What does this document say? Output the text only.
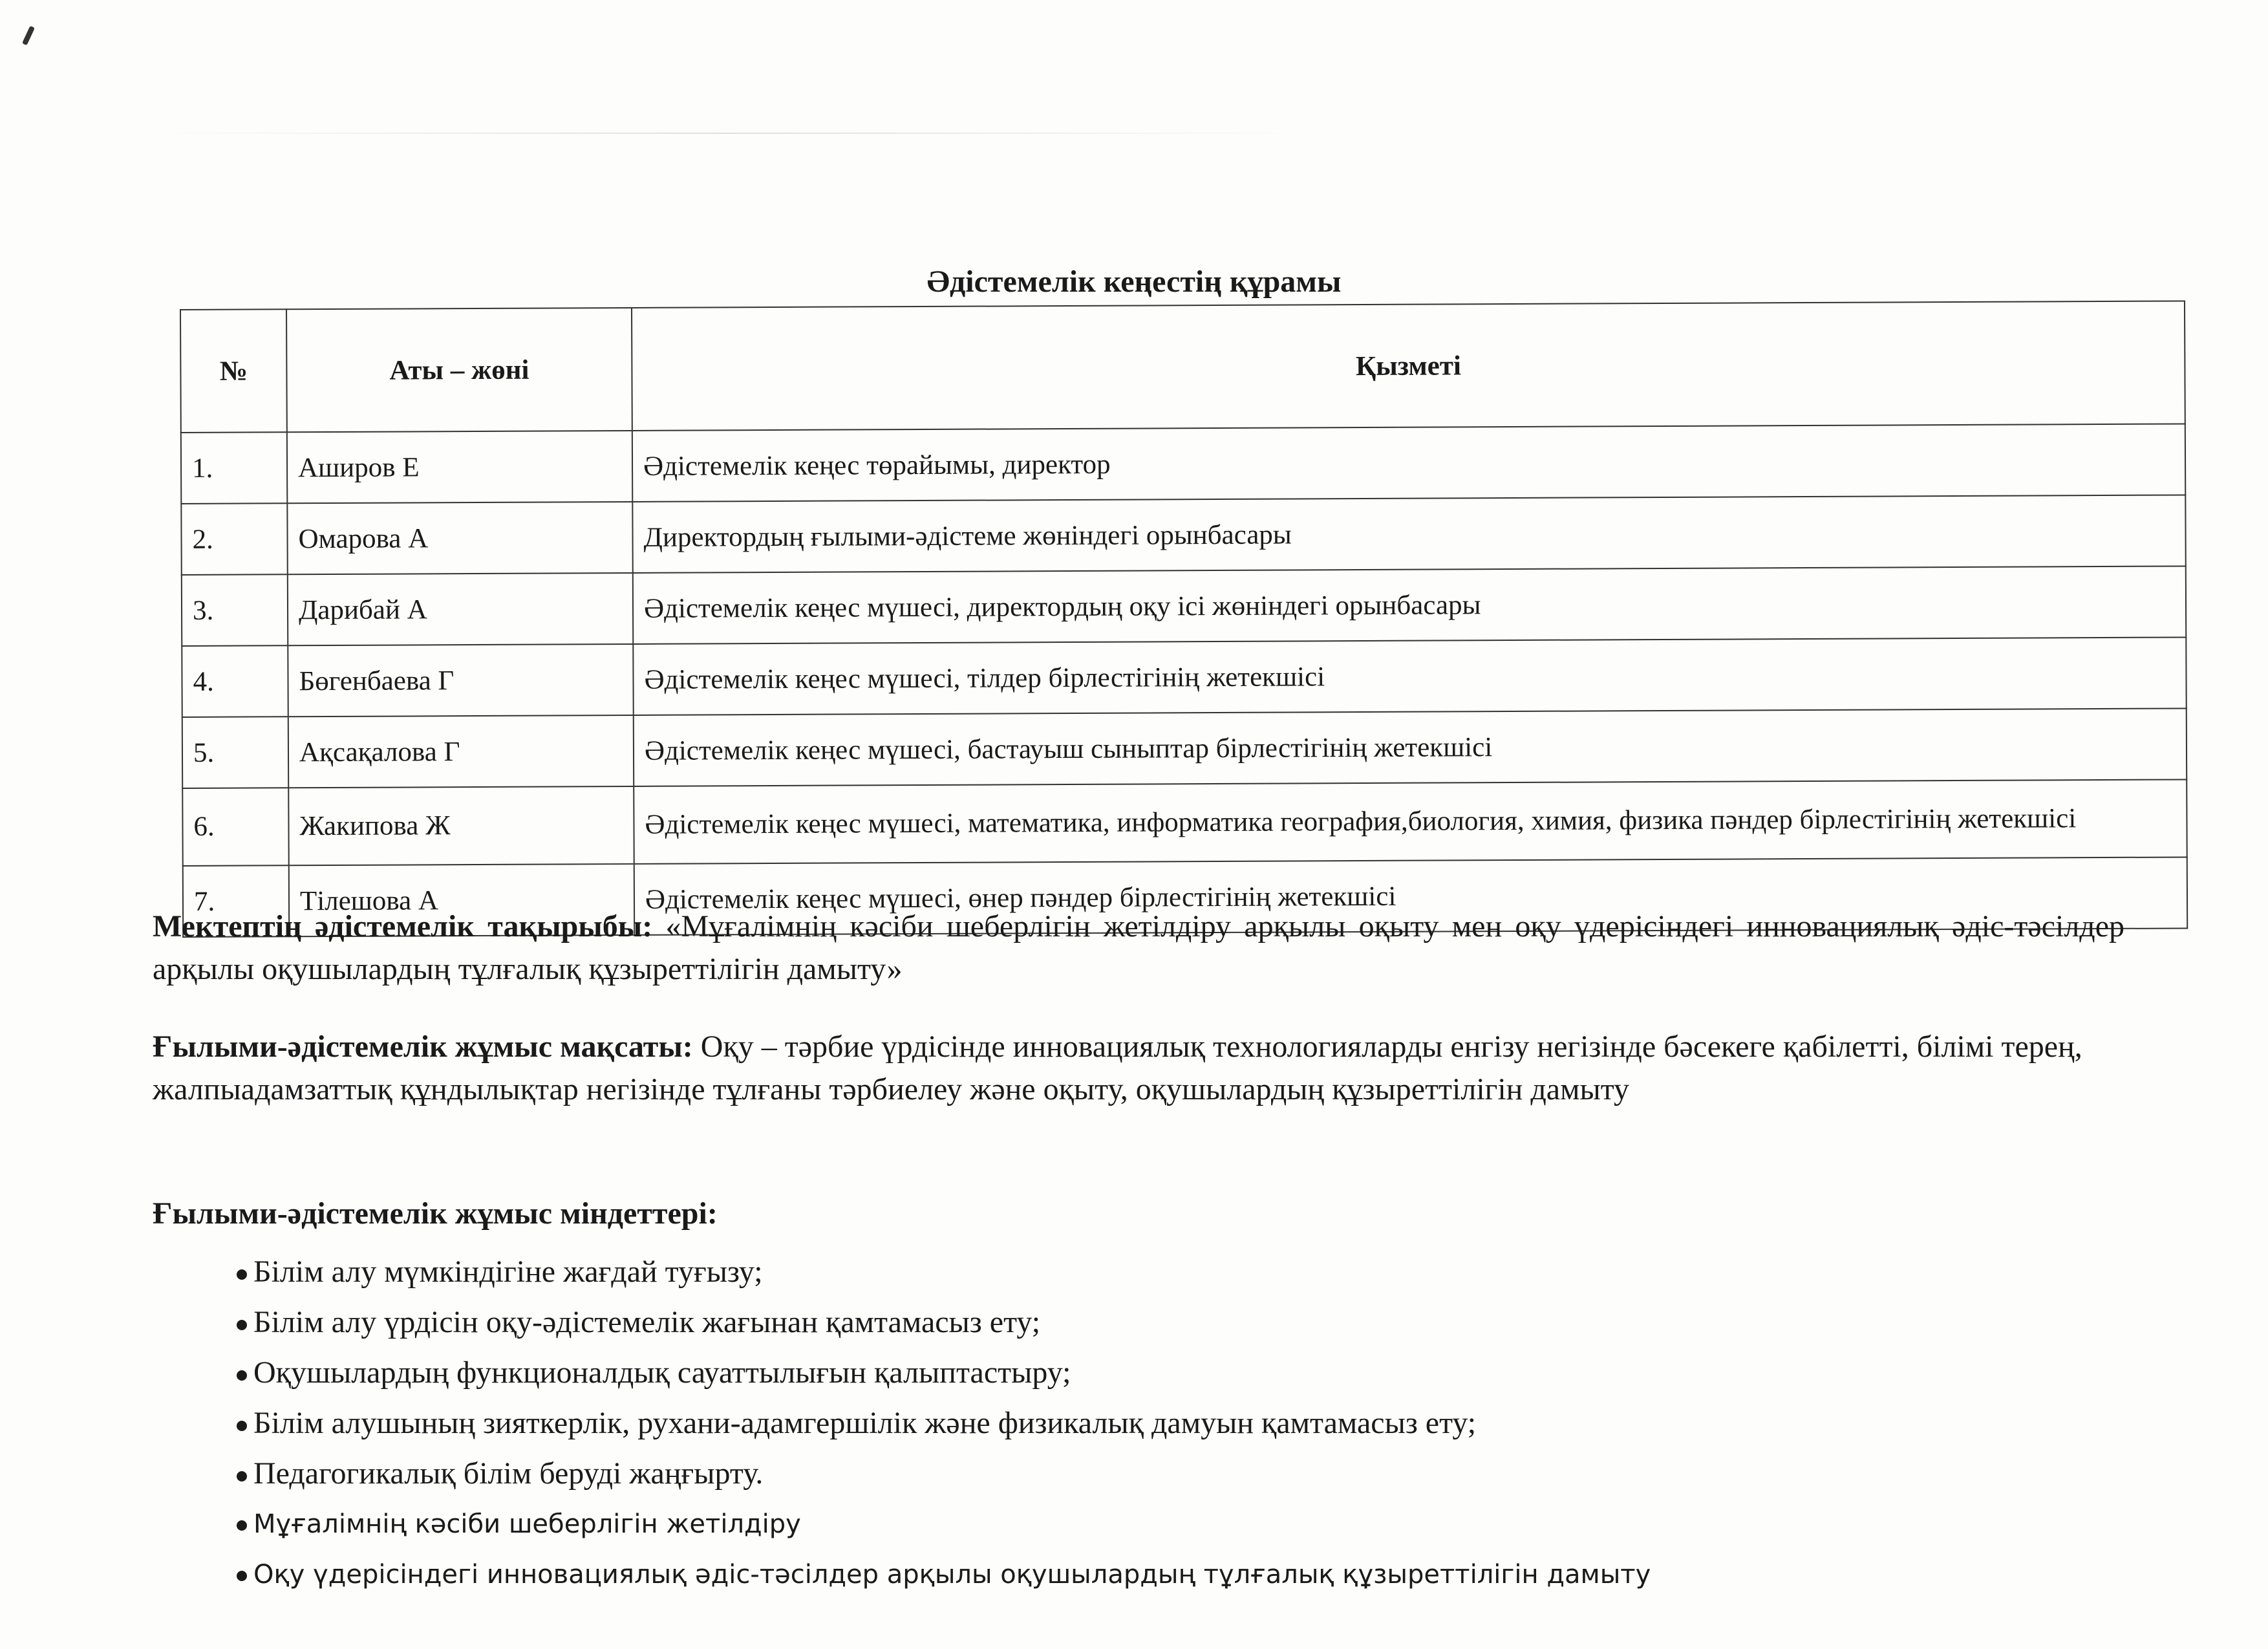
Әдістемелік кеңестің құрамы
№	Аты – жөні	Қызметі
1.	Аширов Е	Әдістемелік кеңес төрайымы, директор
2.	Омарова А	Директордың ғылыми-әдістеме жөніндегі орынбасары
3.	Дарибай А	Әдістемелік кеңес мүшесі, директордың оқу ісі жөніндегі орынбасары
4.	Бөгенбаева Г	Әдістемелік кеңес мүшесі, тілдер бірлестігінің жетекшісі
5.	Ақсақалова Г	Әдістемелік кеңес мүшесі, бастауыш сыныптар бірлестігінің жетекшісі
6.	Жакипова Ж	Әдістемелік кеңес мүшесі, математика, информатика география,биология, химия, физика пәндер бірлестігінің жетекшісі
7.	Тілешова А	Әдістемелік кеңес мүшесі, өнер пәндер бірлестігінің жетекшісі
Мектептің әдістемелік тақырыбы: «Мұғалімнің кәсіби шеберлігін жетілдіру арқылы оқыту мен оқу үдерісіндегі инновациялық әдіс-тәсілдер арқылы оқушылардың тұлғалық құзыреттілігін дамыту»
Ғылыми-әдістемелік жұмыс мақсаты: Оқу – тәрбие үрдісінде инновациялық технологияларды енгізу негізінде бәсекеге қабілетті, білімі терең, жалпыадамзаттық құндылықтар негізінде тұлғаны тәрбиелеу және оқыту, оқушылардың құзыреттілігін дамыту
Ғылыми-әдістемелік жұмыс міндеттері:
Білім алу мүмкіндігіне жағдай туғызу;
Білім алу үрдісін оқу-әдістемелік жағынан қамтамасыз ету;
Оқушылардың функционалдық сауаттылығын қалыптастыру;
Білім алушының зияткерлік, рухани-адамгершілік және физикалық дамуын қамтамасыз ету;
Педагогикалық білім беруді жаңғырту.
Мұғалімнің кәсіби шеберлігін жетілдіру
Оқу үдерісіндегі инновациялық әдіс-тәсілдер арқылы оқушылардың тұлғалық құзыреттілігін дамыту
